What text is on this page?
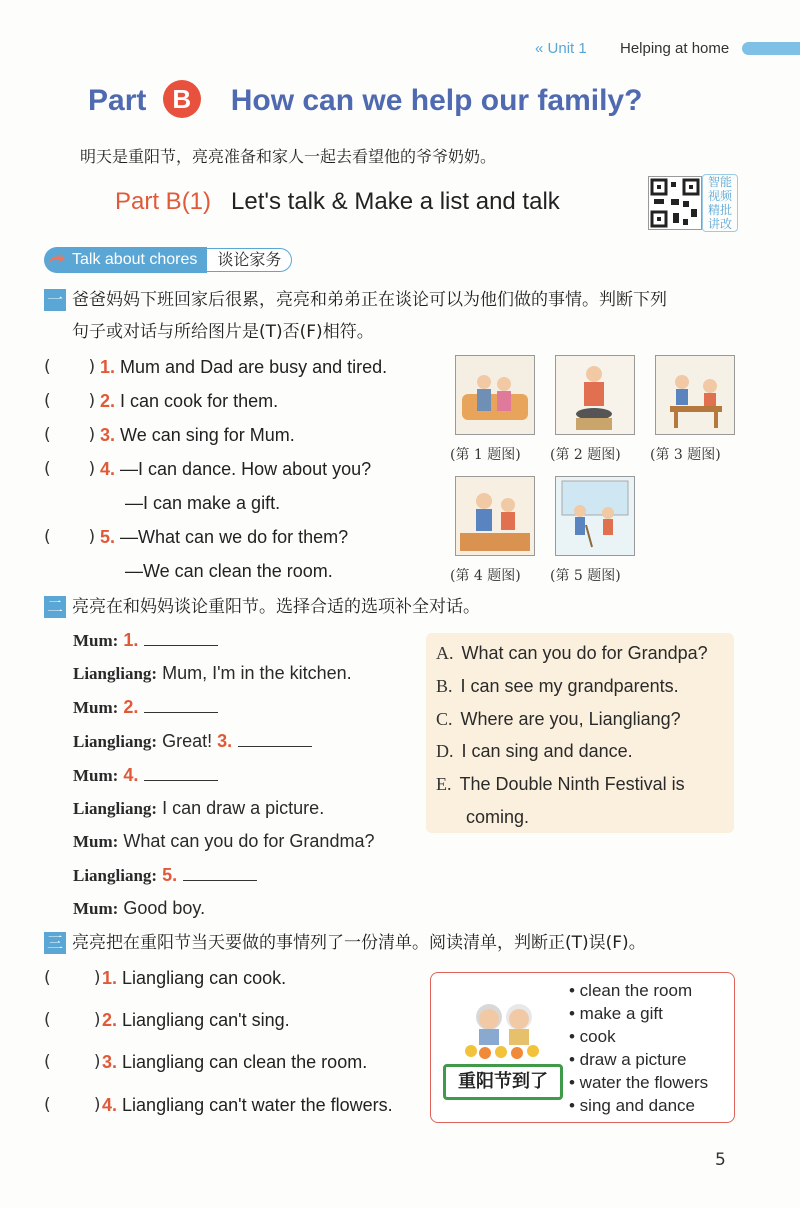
« Unit 1 Helping at home
Part B How can we help our family?
明天是重阳节，亮亮准备和家人一起去看望他的爷爷奶奶。
Part B(1) Let's talk & Make a list and talk
智能视频精批讲改
Talk about chores	谈论家务
一 爸爸妈妈下班回家后很累，亮亮和弟弟正在谈论可以为他们做的事情。判断下列
句子或对话与所给图片是(T)否(F)相符。
(       ) 1. Mum and Dad are busy and tired.
(       ) 2. I can cook for them.
(       ) 3. We can sing for Mum.
(       ) 4. —I can dance. How about you?
—I can make a gift.
(       ) 5. —What can we do for them?
—We can clean the room.
(第 1 题图) (第 2 题图) (第 3 题图)
(第 4 题图) (第 5 题图)
二 亮亮在和妈妈谈论重阳节。选择合适的选项补全对话。
Mum: 1.
Liangliang: Mum, I'm in the kitchen.
Mum: 2.
Liangliang: Great! 3.
Mum: 4.
Liangliang: I can draw a picture.
Mum: What can you do for Grandma?
Liangliang: 5.
Mum: Good boy.
A. What can you do for Grandpa?
B. I can see my grandparents.
C. Where are you, Liangliang?
D. I can sing and dance.
E. The Double Ninth Festival is
coming.
三 亮亮把在重阳节当天要做的事情列了一份清单。阅读清单，判断正(T)误(F)。
(        ) 1. Liangliang can cook.
(        ) 2. Liangliang can't sing.
(        ) 3. Liangliang can clean the room.
(        ) 4. Liangliang can't water the flowers.
• clean the room
• make a gift
• cook
• draw a picture
• water the flowers
• sing and dance
重阳节到了
5
